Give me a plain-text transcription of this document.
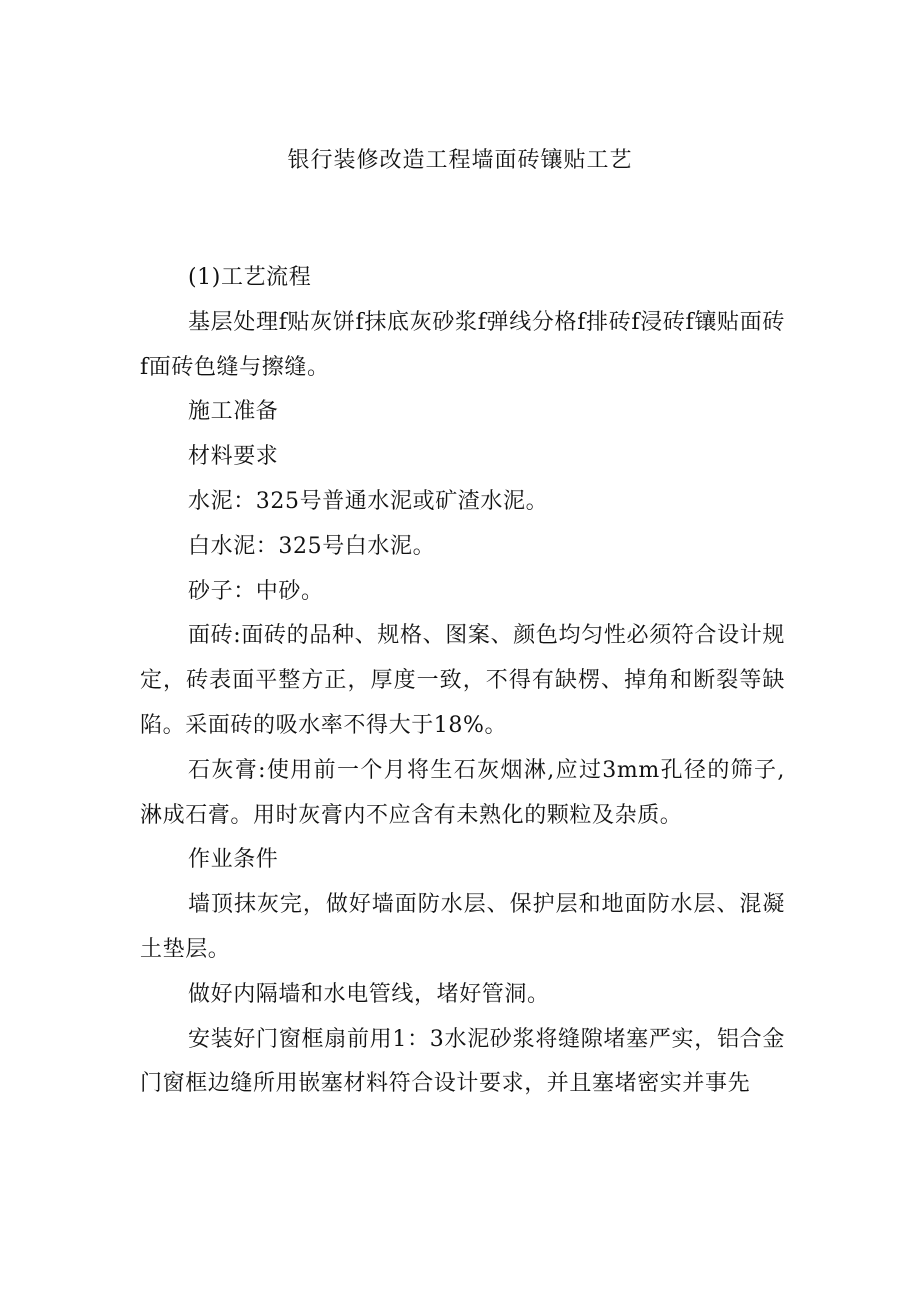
银行装修改造工程墙面砖镶贴工艺

(1)工艺流程

基层处理f贴灰饼f抹底灰砂浆f弹线分格f排砖f浸砖f镶贴面砖f面砖色缝与擦缝。

施工准备

材料要求

水泥：325号普通水泥或矿渣水泥。

白水泥：325号白水泥。

砂子：中砂。

面砖:面砖的品种、规格、图案、颜色均匀性必须符合设计规定，砖表面平整方正，厚度一致，不得有缺楞、掉角和断裂等缺陷。采面砖的吸水率不得大于18%。

石灰膏:使用前一个月将生石灰烟淋,应过3mm孔径的筛子,淋成石膏。用时灰膏内不应含有未熟化的颗粒及杂质。

作业条件

墙顶抹灰完，做好墙面防水层、保护层和地面防水层、混凝土垫层。

做好内隔墙和水电管线，堵好管洞。

安装好门窗框扇前用1：3水泥砂浆将缝隙堵塞严实，铝合金门窗框边缝所用嵌塞材料符合设计要求，并且塞堵密实并事先
